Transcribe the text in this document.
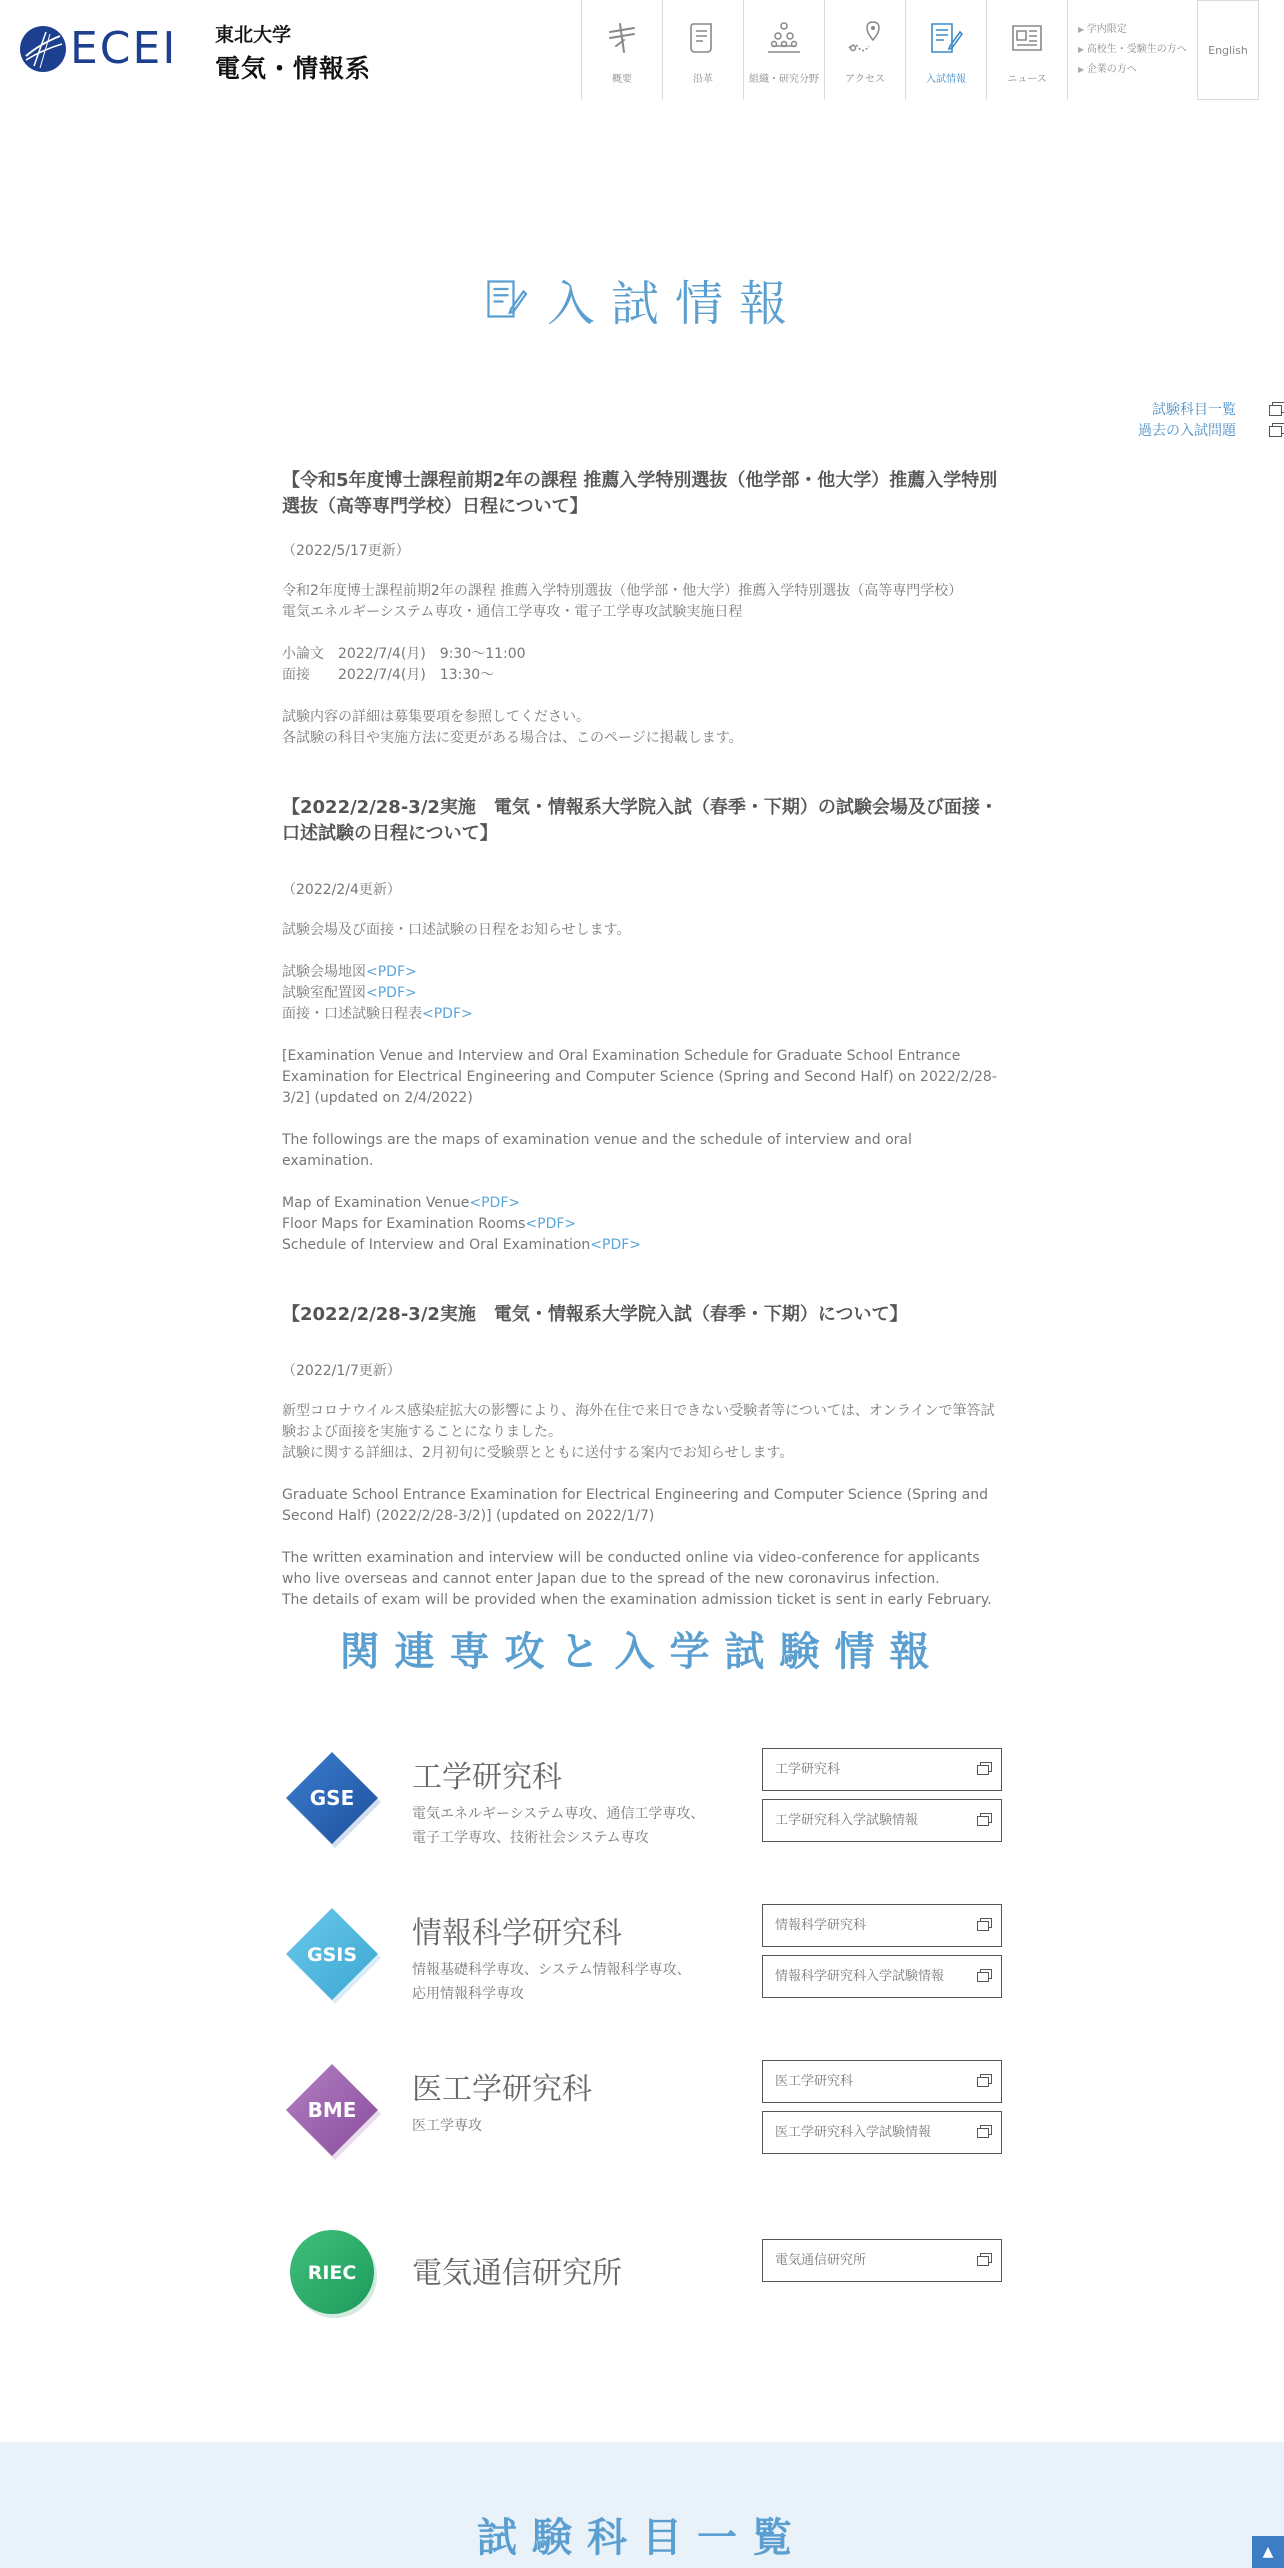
ECEI 東北大学
電気・情報系	概要	沿革	組織・研究分野	アクセス	入試情報	ニュース
▶ 学内限定
▶ 高校生・受験生の方へ
▶ 企業の方へ
English
入試情報
試験科目一覧
過去の入試問題
【令和5年度博士課程前期2年の課程 推薦入学特別選抜（他学部・他大学）推薦入学特別選抜（高等専門学校）日程について】
（2022/5/17更新）
令和2年度博士課程前期2年の課程 推薦入学特別選抜（他学部・他大学）推薦入学特別選抜（高等専門学校）
電気エネルギーシステム専攻・通信工学専攻・電子工学専攻試験実施日程
小論文　2022/7/4(月)　9:30〜11:00
面接　　2022/7/4(月)　13:30〜
試験内容の詳細は募集要項を参照してください。
各試験の科目や実施方法に変更がある場合は、このページに掲載します。
【2022/2/28-3/2実施　電気・情報系大学院入試（春季・下期）の試験会場及び面接・口述試験の日程について】
（2022/2/4更新）
試験会場及び面接・口述試験の日程をお知らせします。
試験会場地図<PDF>
試験室配置図<PDF>
面接・口述試験日程表<PDF>
[Examination Venue and Interview and Oral Examination Schedule for Graduate School Entrance Examination for Electrical Engineering and Computer Science (Spring and Second Half) on 2022/2/28-3/2] (updated on 2/4/2022)
The followings are the maps of examination venue and the schedule of interview and oral examination.
Map of Examination Venue<PDF>
Floor Maps for Examination Rooms<PDF>
Schedule of Interview and Oral Examination<PDF>
【2022/2/28-3/2実施　電気・情報系大学院入試（春季・下期）について】
（2022/1/7更新）
新型コロナウイルス感染症拡大の影響により、海外在住で来日できない受験者等については、オンラインで筆答試験および面接を実施することになりました。
試験に関する詳細は、2月初旬に受験票とともに送付する案内でお知らせします。
Graduate School Entrance Examination for Electrical Engineering and Computer Science (Spring and Second Half) (2022/2/28-3/2)] (updated on 2022/1/7)
The written examination and interview will be conducted online via video-conference for applicants who live overseas and cannot enter Japan due to the spread of the new coronavirus infection.
The details of exam will be provided when the examination admission ticket is sent in early February.
関連専攻と入学試験情報
GSE
工学研究科
電気エネルギーシステム専攻、通信工学専攻、
電子工学専攻、技術社会システム専攻
工学研究科
工学研究科入学試験情報
GSIS
情報科学研究科
情報基礎科学専攻、システム情報科学専攻、
応用情報科学専攻
情報科学研究科
情報科学研究科入学試験情報
BME
医工学研究科
医工学専攻
医工学研究科
医工学研究科入学試験情報
RIEC 電気通信研究所	電気通信研究所
試験科目一覧	▲
